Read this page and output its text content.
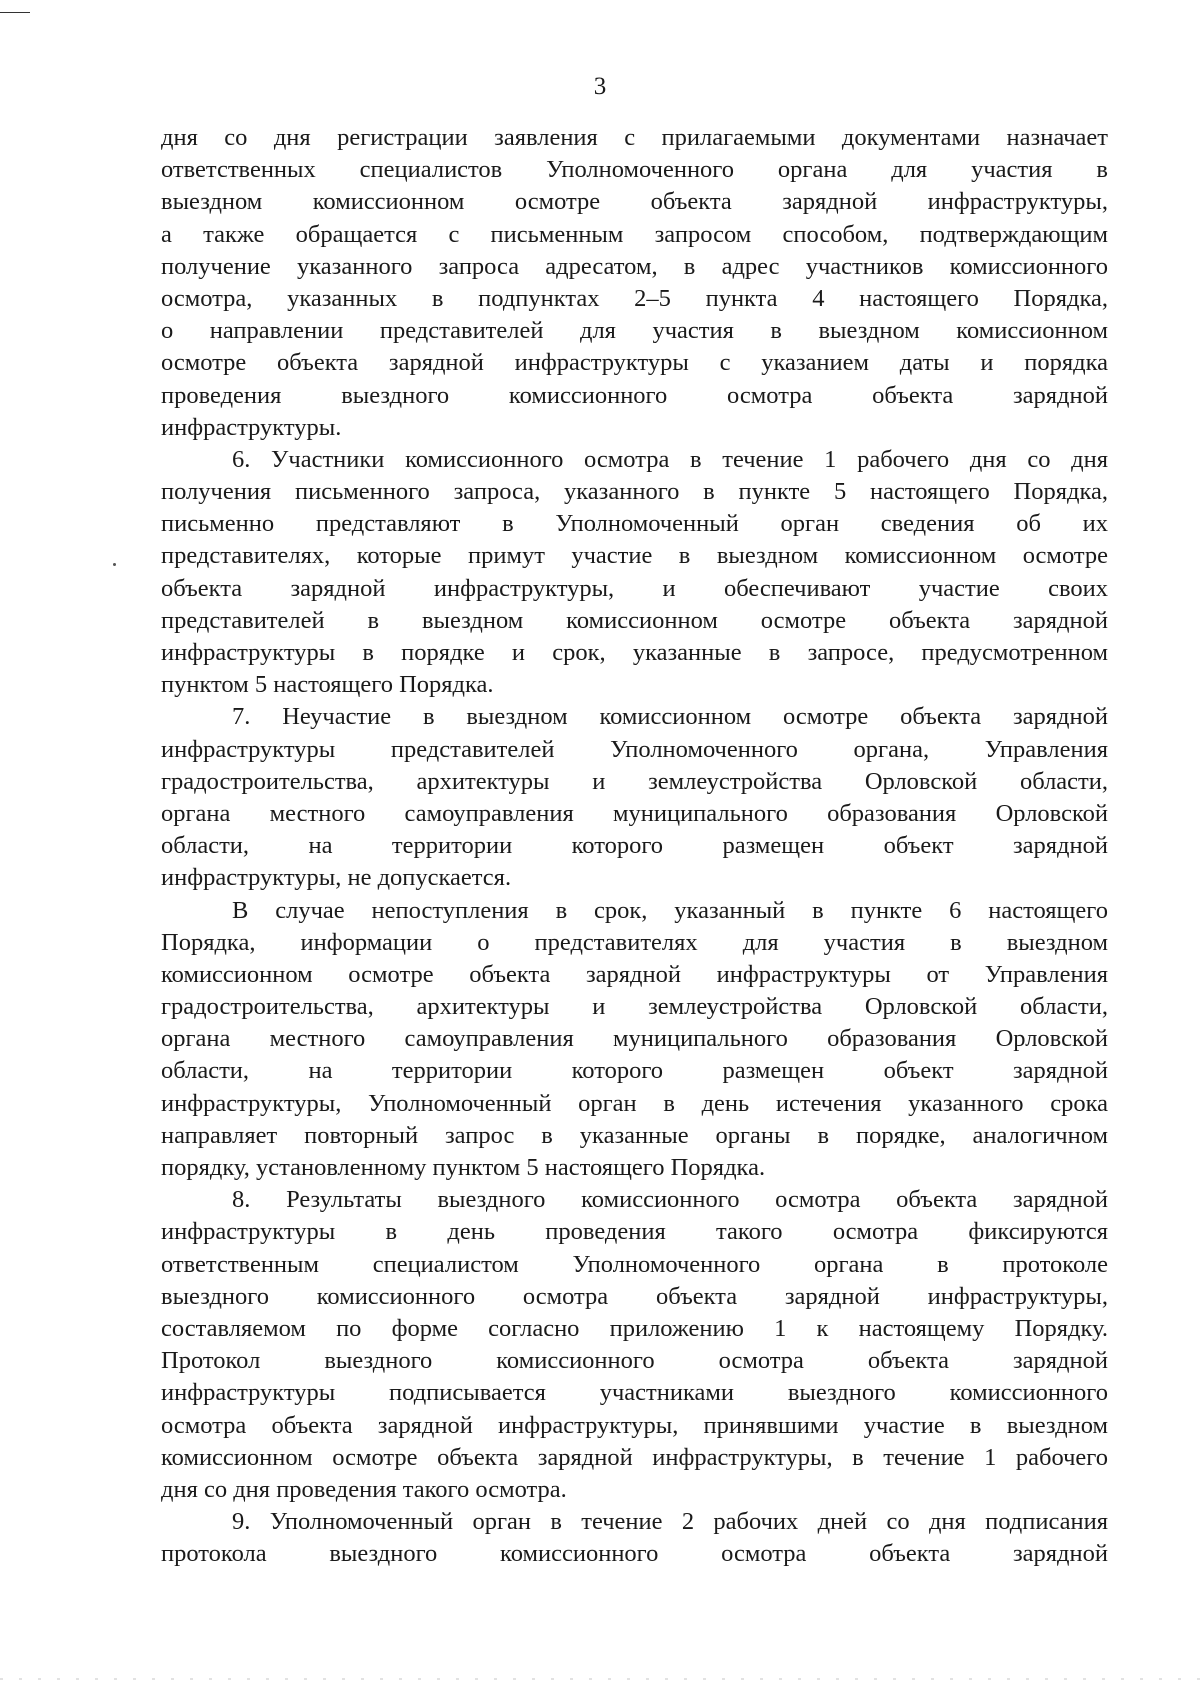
3
дня со дня регистрации заявления с прилагаемыми документами назначает
ответственных специалистов Уполномоченного органа для участия в
выездном комиссионном осмотре объекта зарядной инфраструктуры,
а также обращается с письменным запросом способом, подтверждающим
получение указанного запроса адресатом, в адрес участников комиссионного
осмотра, указанных в подпунктах 2–5 пункта 4 настоящего Порядка,
о направлении представителей для участия в выездном комиссионном
осмотре объекта зарядной инфраструктуры с указанием даты и порядка
проведения выездного комиссионного осмотра объекта зарядной
инфраструктуры.
6. Участники комиссионного осмотра в течение 1 рабочего дня со дня
получения письменного запроса, указанного в пункте 5 настоящего Порядка,
письменно представляют в Уполномоченный орган сведения об их
представителях, которые примут участие в выездном комиссионном осмотре
объекта зарядной инфраструктуры, и обеспечивают участие своих
представителей в выездном комиссионном осмотре объекта зарядной
инфраструктуры в порядке и срок, указанные в запросе, предусмотренном
пунктом 5 настоящего Порядка.
7. Неучастие в выездном комиссионном осмотре объекта зарядной
инфраструктуры представителей Уполномоченного органа, Управления
градостроительства, архитектуры и землеустройства Орловской области,
органа местного самоуправления муниципального образования Орловской
области, на территории которого размещен объект зарядной
инфраструктуры, не допускается.
В случае непоступления в срок, указанный в пункте 6 настоящего
Порядка, информации о представителях для участия в выездном
комиссионном осмотре объекта зарядной инфраструктуры от Управления
градостроительства, архитектуры и землеустройства Орловской области,
органа местного самоуправления муниципального образования Орловской
области, на территории которого размещен объект зарядной
инфраструктуры, Уполномоченный орган в день истечения указанного срока
направляет повторный запрос в указанные органы в порядке, аналогичном
порядку, установленному пунктом 5 настоящего Порядка.
8. Результаты выездного комиссионного осмотра объекта зарядной
инфраструктуры в день проведения такого осмотра фиксируются
ответственным специалистом Уполномоченного органа в протоколе
выездного комиссионного осмотра объекта зарядной инфраструктуры,
составляемом по форме согласно приложению 1 к настоящему Порядку.
Протокол выездного комиссионного осмотра объекта зарядной
инфраструктуры подписывается участниками выездного комиссионного
осмотра объекта зарядной инфраструктуры, принявшими участие в выездном
комиссионном осмотре объекта зарядной инфраструктуры, в течение 1 рабочего
дня со дня проведения такого осмотра.
9. Уполномоченный орган в течение 2 рабочих дней со дня подписания
протокола выездного комиссионного осмотра объекта зарядной
